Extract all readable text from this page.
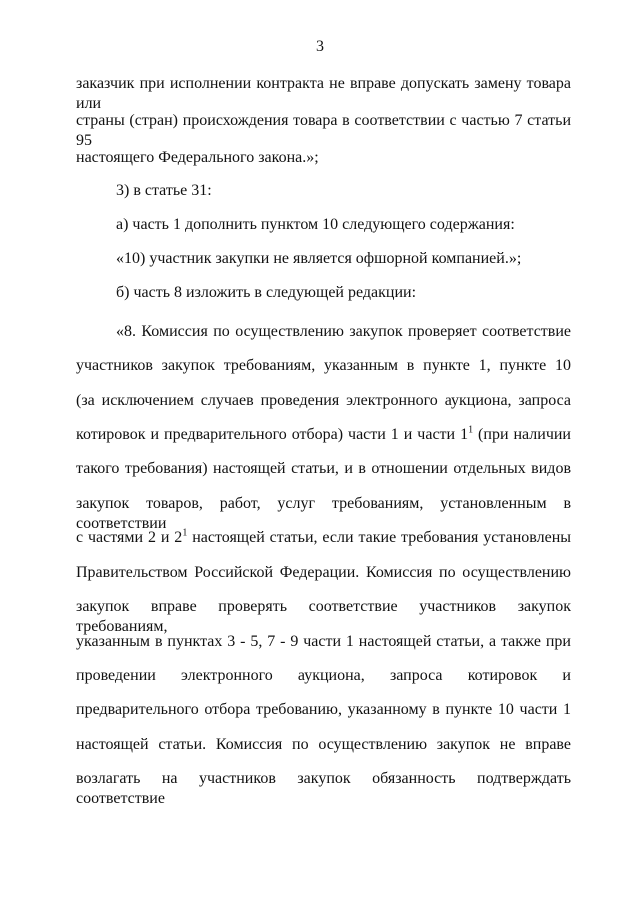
3
заказчик при исполнении контракта не вправе допускать замену товара или
страны (стран) происхождения товара в соответствии с частью 7 статьи 95
настоящего Федерального закона.»;
3) в статье 31:
а) часть 1 дополнить пунктом 10 следующего содержания:
«10) участник закупки не является офшорной компанией.»;
б) часть 8 изложить в следующей редакции:
«8. Комиссия по осуществлению закупок проверяет соответствие
участников закупок требованиям, указанным в пункте 1, пункте 10
(за исключением случаев проведения электронного аукциона, запроса
котировок и предварительного отбора) части 1 и части $1^1$ (при наличии
такого требования) настоящей статьи, и в отношении отдельных видов
закупок товаров, работ, услуг требованиям, установленным в соответствии
с частями 2 и $2^1$ настоящей статьи, если такие требования установлены
Правительством Российской Федерации. Комиссия по осуществлению
закупок вправе проверять соответствие участников закупок требованиям,
указанным в пунктах 3 - 5, 7 - 9 части 1 настоящей статьи, а также при
проведении электронного аукциона, запроса котировок и
предварительного отбора требованию, указанному в пункте 10 части 1
настоящей статьи. Комиссия по осуществлению закупок не вправе
возлагать на участников закупок обязанность подтверждать соответствие
